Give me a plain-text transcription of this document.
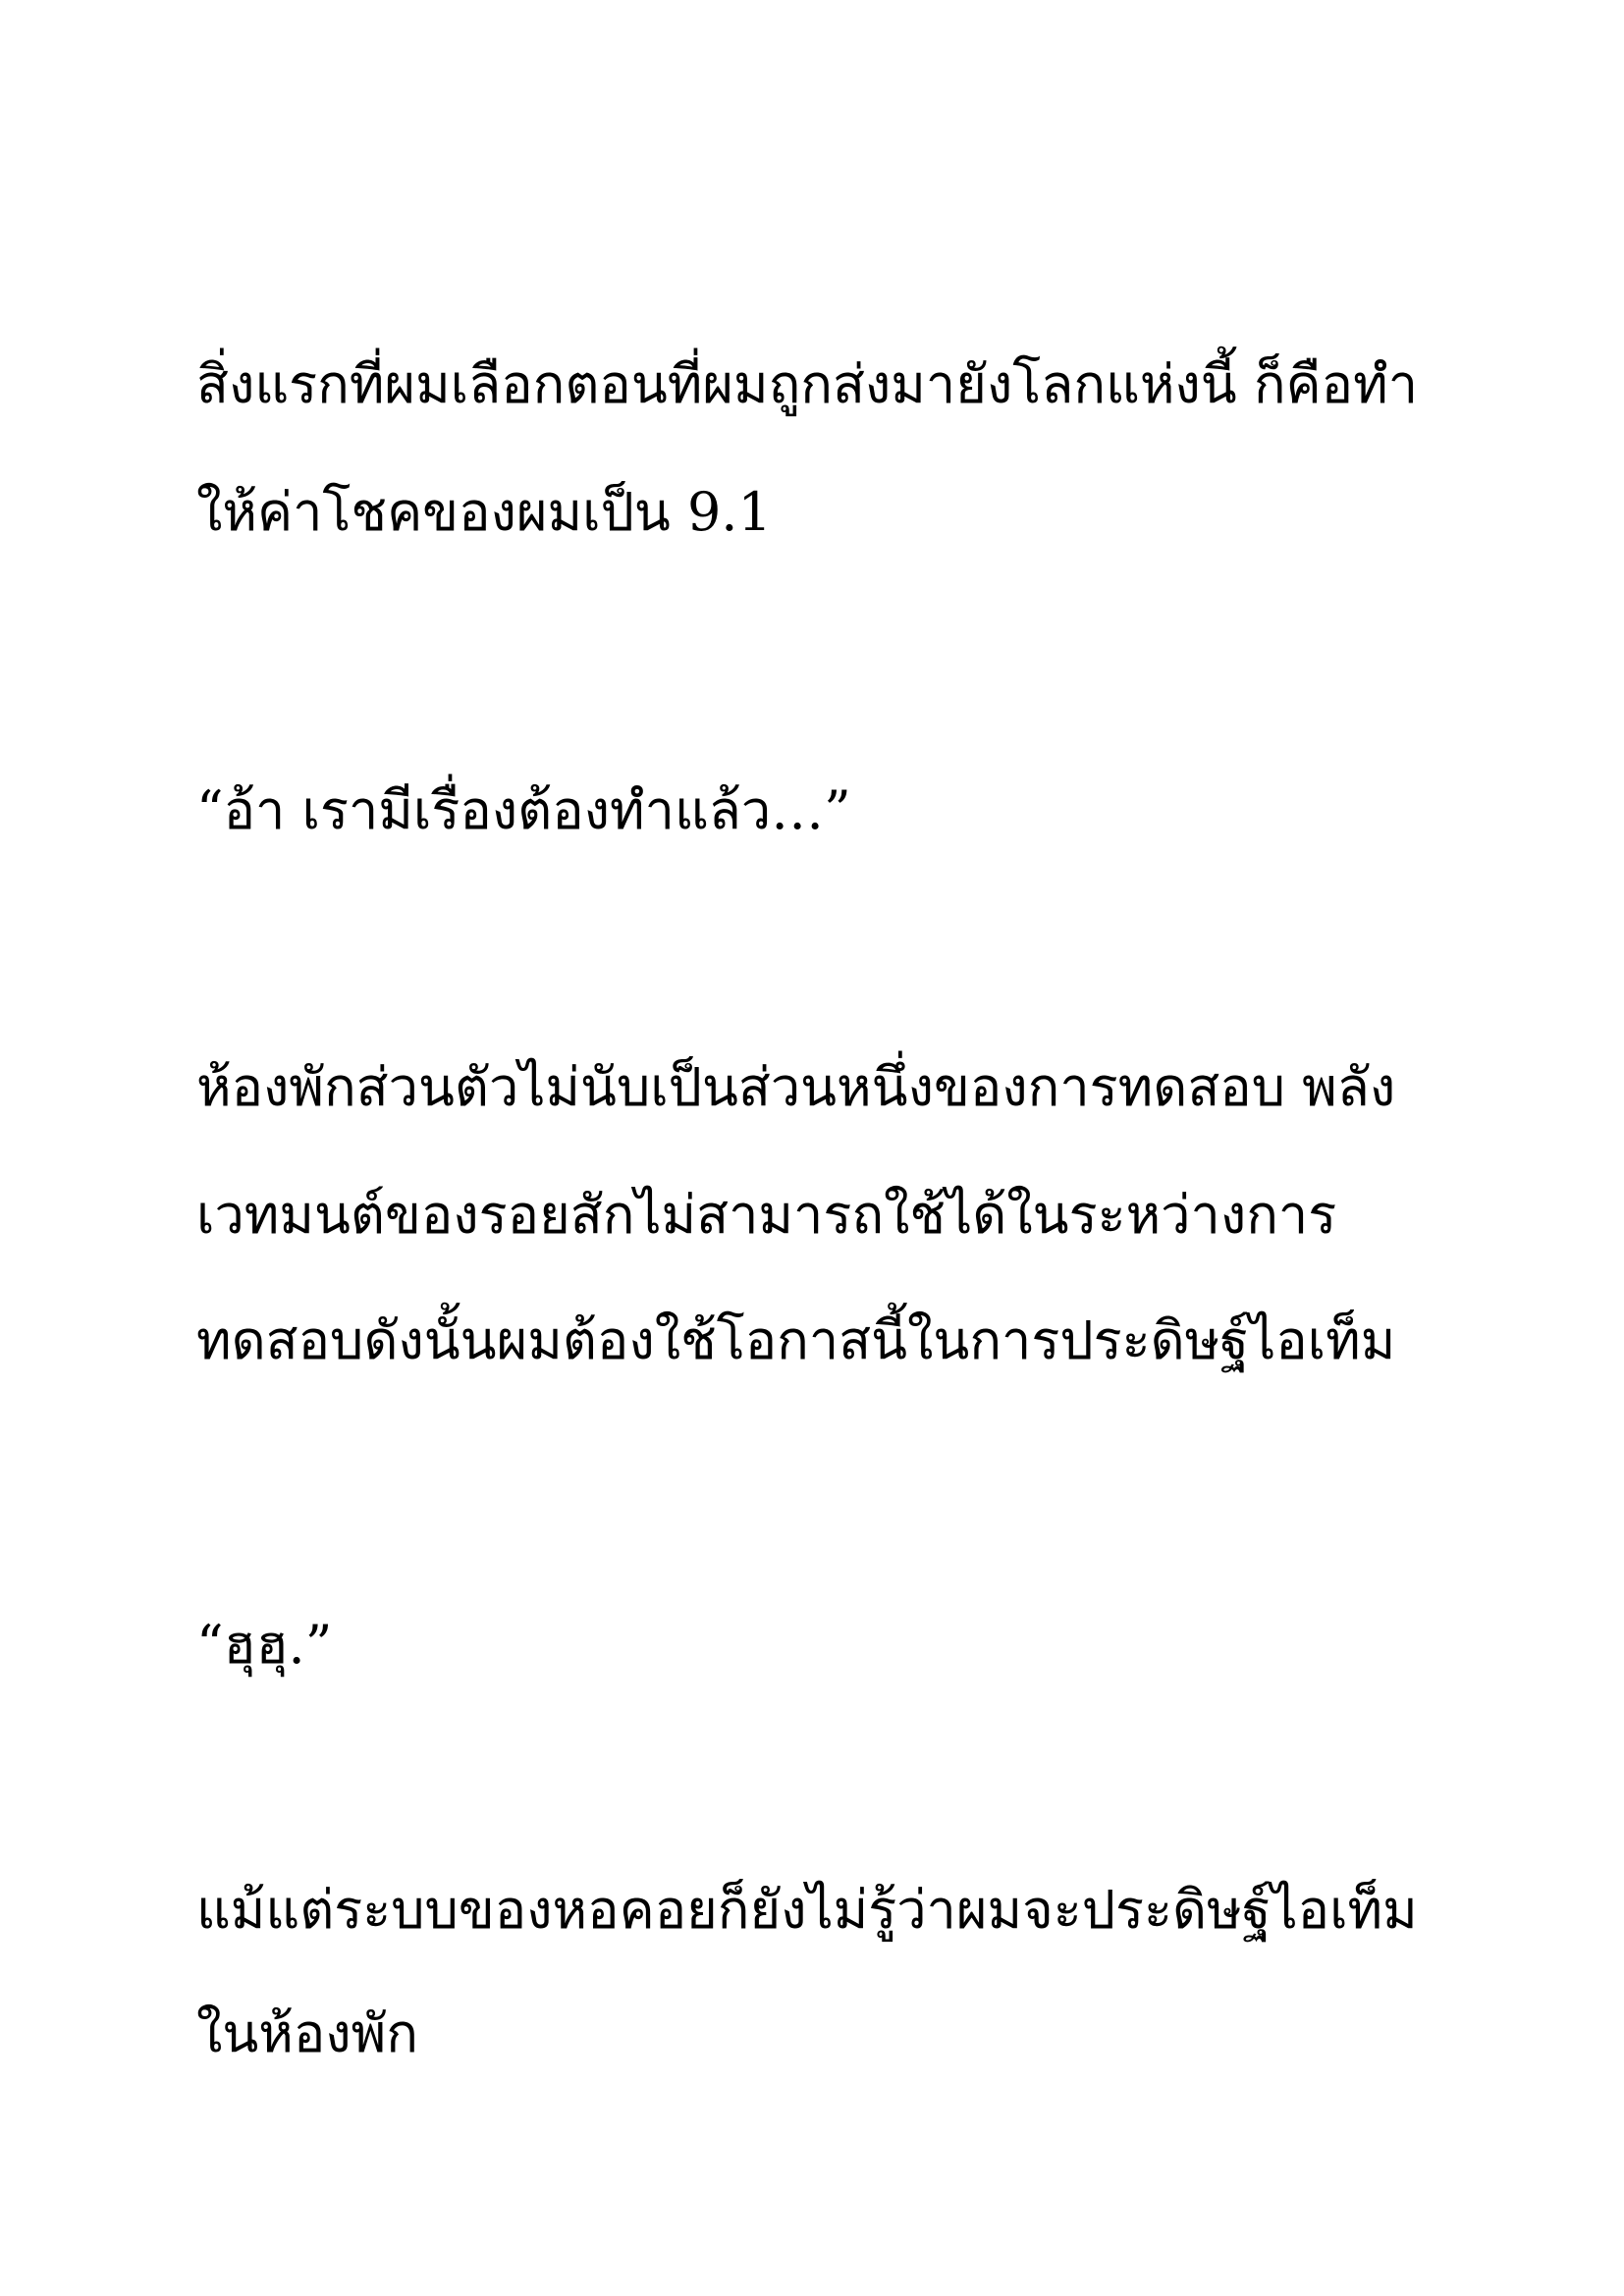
สิ่งแรกที่ผมเลือกตอนที่ผมถูกส่งมายังโลกแห่งนี้ ก็คือทำ

ให้ค่าโชคของผมเป็น 9.1

“อ้า เรามีเรื่องต้องทำแล้ว…”

ห้องพักส่วนตัวไม่นับเป็นส่วนหนึ่งของการทดสอบ พลัง

เวทมนต์ของรอยสักไม่สามารถใช้ได้ในระหว่างการ

ทดสอบดังนั้นผมต้องใช้โอกาสนี้ในการประดิษฐ์ไอเท็ม

“ฮุฮุ.”

แม้แต่ระบบของหอคอยก็ยังไม่รู้ว่าผมจะประดิษฐ์ไอเท็ม

ในห้องพัก
